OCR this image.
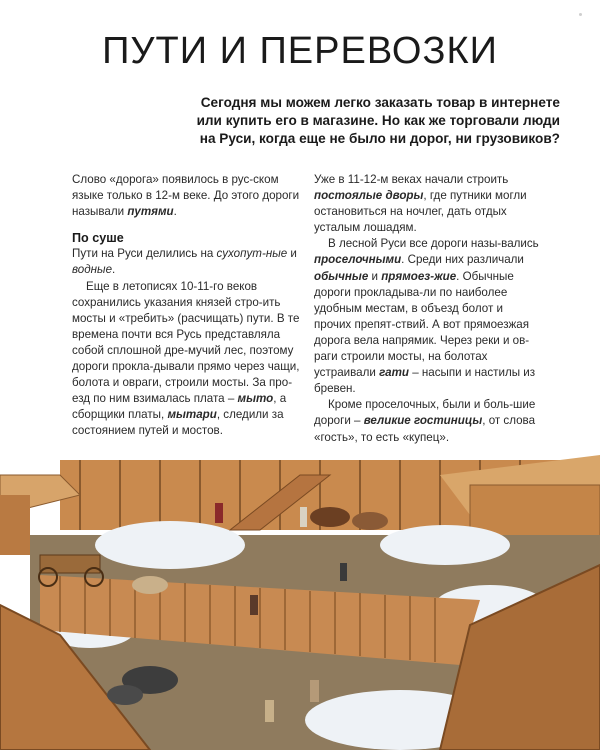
ПУТИ И ПЕРЕВОЗКИ
Сегодня мы можем легко заказать товар в интернете
или купить его в магазине. Но как же торговали люди
на Руси, когда еще не было ни дорог, ни грузовиков?

Слово «дорога» появилось в рус-ском языке только в 12-м веке. До этого дороги называли путями.

По суше

Пути на Руси делились на сухопут-ные и водные.

Еще в летописях 10-11-го веков сохранились указания князей стро-ить мосты и «требить» (расчищать) пути. В те времена почти вся Русь представляла собой сплошной дре-мучий лес, поэтому дороги прокла-дывали прямо через чащи, болота и овраги, строили мосты. За про-езд по ним взималась плата – мыто, а сборщики платы, мытари, следили за состоянием путей и мостов.

Уже в 11-12-м веках начали строить постоялые дворы, где путники могли остановиться на ночлег, дать отдых усталым лошадям.

В лесной Руси все дороги назы-вались проселочными. Среди них различали обычные и прямоез-жие. Обычные дороги прокладыва-ли по наиболее удобным местам, в объезд болот и прочих препят-ствий. А вот прямоезжая дорога вела напрямик. Через реки и ов-раги строили мосты, на болотах устраивали гати – насыпи и настилы из бревен.

Кроме проселочных, были и боль-шие дороги – великие гостиницы, от слова «гость», то есть «купец».
